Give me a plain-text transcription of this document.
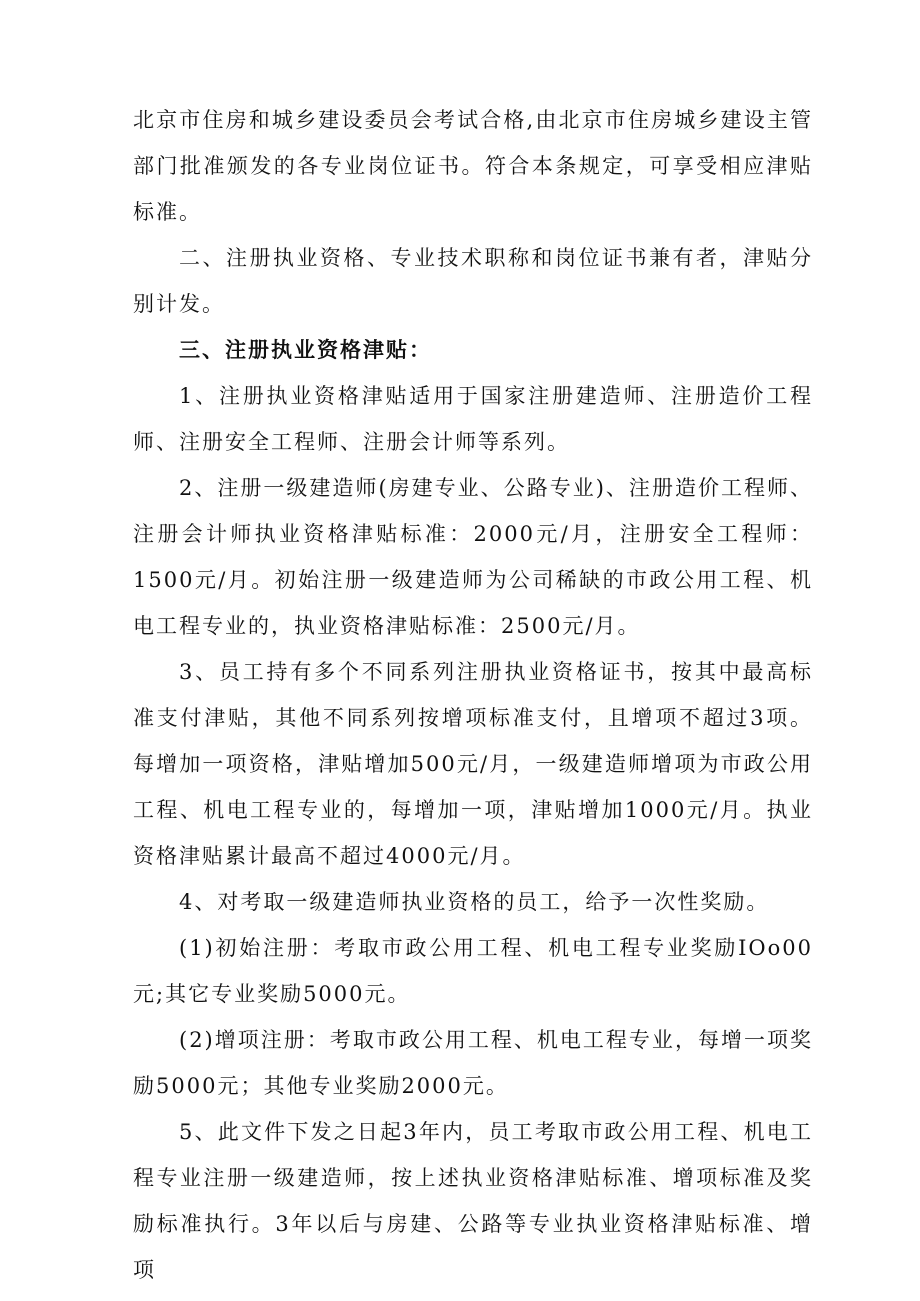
北京市住房和城乡建设委员会考试合格,由北京市住房城乡建设主管部门批准颁发的各专业岗位证书。符合本条规定，可享受相应津贴标准。

二、注册执业资格、专业技术职称和岗位证书兼有者，津贴分别计发。

三、注册执业资格津贴：

1、注册执业资格津贴适用于国家注册建造师、注册造价工程师、注册安全工程师、注册会计师等系列。

2、注册一级建造师(房建专业、公路专业)、注册造价工程师、注册会计师执业资格津贴标准：2000元/月，注册安全工程师：1500元/月。初始注册一级建造师为公司稀缺的市政公用工程、机电工程专业的，执业资格津贴标准：2500元/月。

3、员工持有多个不同系列注册执业资格证书，按其中最高标准支付津贴，其他不同系列按增项标准支付，且增项不超过3项。每增加一项资格，津贴增加500元/月，一级建造师增项为市政公用工程、机电工程专业的，每增加一项，津贴增加1000元/月。执业资格津贴累计最高不超过4000元/月。

4、对考取一级建造师执业资格的员工，给予一次性奖励。

(1)初始注册：考取市政公用工程、机电工程专业奖励IOo00元;其它专业奖励5000元。

(2)增项注册：考取市政公用工程、机电工程专业，每增一项奖励5000元；其他专业奖励2000元。

5、此文件下发之日起3年内，员工考取市政公用工程、机电工程专业注册一级建造师，按上述执业资格津贴标准、增项标准及奖励标准执行。3年以后与房建、公路等专业执业资格津贴标准、增项
